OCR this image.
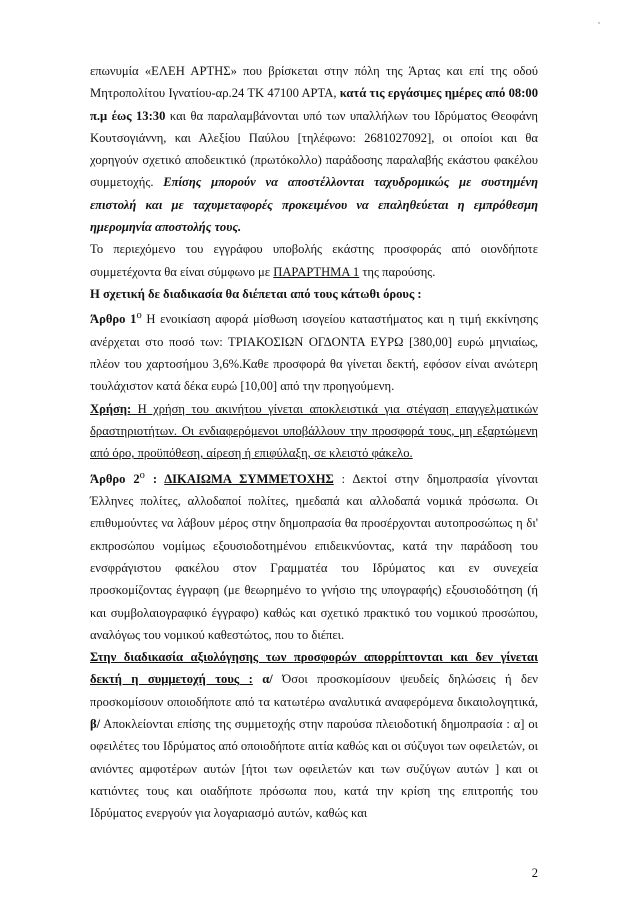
επωνυμία «ΕΛΕΗ ΑΡΤΗΣ» που βρίσκεται στην πόλη της Άρτας και επί της οδού Μητροπολίτου Ιγνατίου-αρ.24 ΤΚ 47100 ΑΡΤΑ, κατά τις εργάσιμες ημέρες από 08:00 π.μ έως 13:30 και θα παραλαμβάνονται υπό των υπαλλήλων του Ιδρύματος Θεοφάνη Κουτσογιάννη, και Αλεξίου Παύλου [τηλέφωνο: 2681027092], οι οποίοι και θα χορηγούν σχετικό αποδεικτικό (πρωτόκολλο) παράδοσης παραλαβής εκάστου φακέλου συμμετοχής. Επίσης μπορούν να αποστέλλονται ταχυδρομικώς με συστημένη επιστολή και με ταχυμεταφορές προκειμένου να επαληθεύεται η εμπρόθεσμη ημερομηνία αποστολής τους.

Το περιεχόμενο του εγγράφου υποβολής εκάστης προσφοράς από οιονδήποτε συμμετέχοντα θα είναι σύμφωνο με ΠΑΡΑΡΤΗΜΑ 1 της παρούσης.

Η σχετική δε διαδικασία θα διέπεται από τους κάτωθι όρους :

Άρθρο $1^o$ Η ενοικίαση αφορά μίσθωση ισογείου καταστήματος και η τιμή εκκίνησης ανέρχεται στο ποσό των: ΤΡΙΑΚΟΣΙΩΝ ΟΓΔΟΝΤΑ ΕΥΡΩ [380,00] ευρώ μηνιαίως, πλέον του χαρτοσήμου 3,6%.Καθε προσφορά θα γίνεται δεκτή, εφόσον είναι ανώτερη τουλάχιστον κατά δέκα ευρώ [10,00] από την προηγούμενη.

Χρήση: Η χρήση του ακινήτου γίνεται αποκλειστικά για στέγαση επαγγελματικών δραστηριοτήτων. Οι ενδιαφερόμενοι υποβάλλουν την προσφορά τους, μη εξαρτώμενη από όρο, προϋπόθεση, αίρεση ή επιφύλαξη, σε κλειστό φάκελο.

Άρθρο $2^o$ : ΔΙΚΑΙΩΜΑ ΣΥΜΜΕΤΟΧΗΣ : Δεκτοί στην δημοπρασία γίνονται Έλληνες πολίτες, αλλοδαποί πολίτες, ημεδαπά και αλλοδαπά νομικά πρόσωπα. Οι επιθυμούντες να λάβουν μέρος στην δημοπρασία θα προσέρχονται αυτοπροσώπως η δι' εκπροσώπου νομίμως εξουσιοδοτημένου επιδεικνύοντας, κατά την παράδοση του ενσφράγιστου φακέλου στον Γραμματέα του Ιδρύματος και εν συνεχεία προσκομίζοντας έγγραφη (με θεωρημένο το γνήσιο της υπογραφής) εξουσιοδότηση (ή και συμβολαιογραφικό έγγραφο) καθώς και σχετικό πρακτικό του νομικού προσώπου, αναλόγως του νομικού καθεστώτος, που το διέπει.

Στην διαδικασία αξιολόγησης των προσφορών απορρίπτονται και δεν γίνεται δεκτή η συμμετοχή τους : α/ Όσοι προσκομίσουν ψευδείς δηλώσεις ή δεν προσκομίσουν οποιοδήποτε από τα κατωτέρω αναλυτικά αναφερόμενα δικαιολογητικά, β/ Αποκλείονται επίσης της συμμετοχής στην παρούσα πλειοδοτική δημοπρασία : α] οι οφειλέτες του Ιδρύματος από οποιοδήποτε αιτία καθώς και οι σύζυγοι των οφειλετών, οι ανιόντες αμφοτέρων αυτών [ήτοι των οφειλετών και των συζύγων αυτών ] και οι κατιόντες τους και οιαδήποτε πρόσωπα που, κατά την κρίση της επιτροπής του Ιδρύματος ενεργούν για λογαριασμό αυτών, καθώς και

2
